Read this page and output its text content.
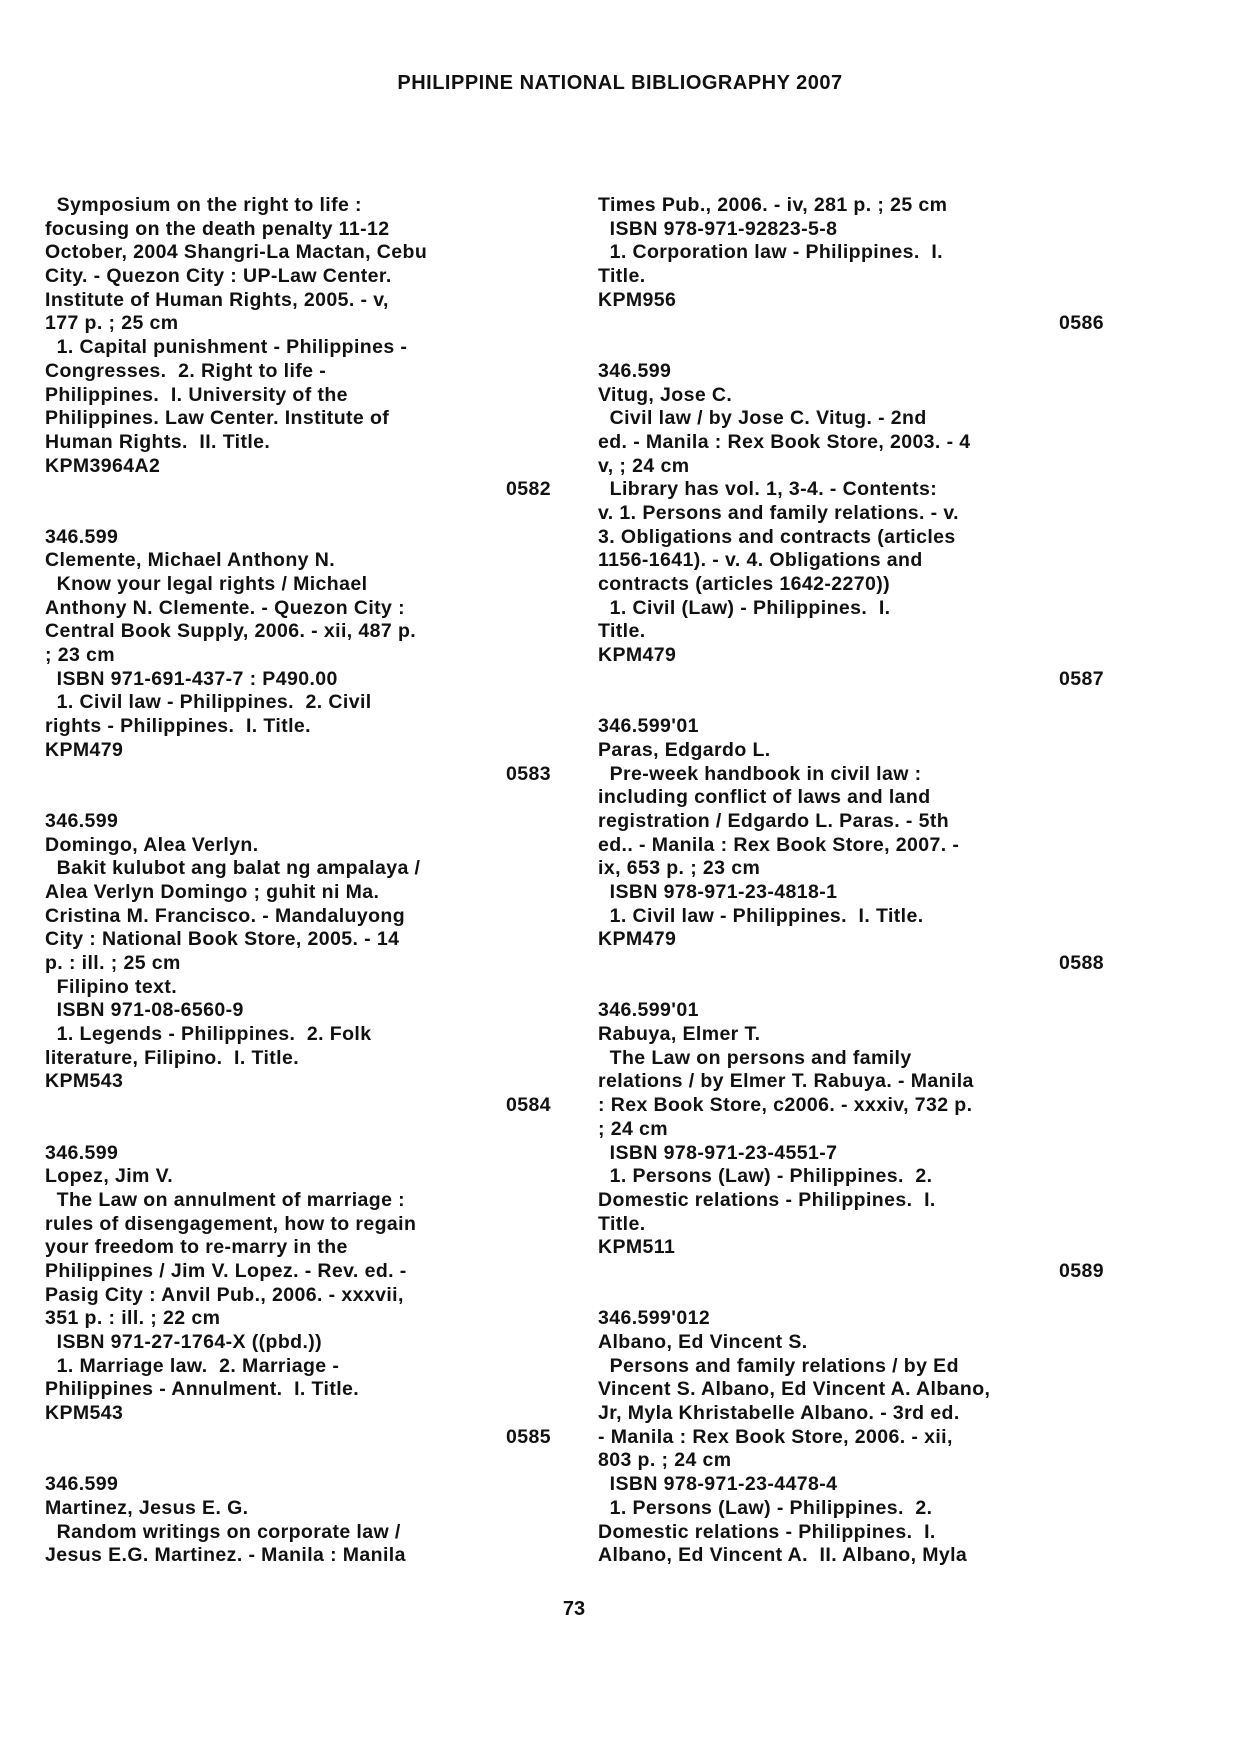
PHILIPPINE NATIONAL BIBLIOGRAPHY 2007
Symposium on the right to life :
focusing on the death penalty 11-12
October, 2004 Shangri-La Mactan, Cebu
City. - Quezon City : UP-Law Center.
Institute of Human Rights, 2005. - v,
177 p. ; 25 cm
1. Capital punishment - Philippines -
Congresses.  2. Right to life -
Philippines.  I. University of the
Philippines. Law Center. Institute of
Human Rights.  II. Title.
KPM3964A2
0582
346.599
Clemente, Michael Anthony N.
Know your legal rights / Michael
Anthony N. Clemente. - Quezon City :
Central Book Supply, 2006. - xii, 487 p.
; 23 cm
ISBN 971-691-437-7 : P490.00
1. Civil law - Philippines.  2. Civil
rights - Philippines.  I. Title.
KPM479
0583
346.599
Domingo, Alea Verlyn.
Bakit kulubot ang balat ng ampalaya /
Alea Verlyn Domingo ; guhit ni Ma.
Cristina M. Francisco. - Mandaluyong
City : National Book Store, 2005. - 14
p. : ill. ; 25 cm
Filipino text.
ISBN 971-08-6560-9
1. Legends - Philippines.  2. Folk
literature, Filipino.  I. Title.
KPM543
0584
346.599
Lopez, Jim V.
The Law on annulment of marriage :
rules of disengagement, how to regain
your freedom to re-marry in the
Philippines / Jim V. Lopez. - Rev. ed. -
Pasig City : Anvil Pub., 2006. - xxxvii,
351 p. : ill. ; 22 cm
ISBN 971-27-1764-X ((pbd.))
1. Marriage law.  2. Marriage -
Philippines - Annulment.  I. Title.
KPM543
0585
346.599
Martinez, Jesus E. G.
Random writings on corporate law /
Jesus E.G. Martinez. - Manila : Manila
Times Pub., 2006. - iv, 281 p. ; 25 cm
ISBN 978-971-92823-5-8
1. Corporation law - Philippines.  I.
Title.
KPM956
0586
346.599
Vitug, Jose C.
Civil law / by Jose C. Vitug. - 2nd
ed. - Manila : Rex Book Store, 2003. - 4
v, ; 24 cm
Library has vol. 1, 3-4. - Contents:
v. 1. Persons and family relations. - v.
3. Obligations and contracts (articles
1156-1641). - v. 4. Obligations and
contracts (articles 1642-2270))
1. Civil (Law) - Philippines.  I.
Title.
KPM479
0587
346.599'01
Paras, Edgardo L.
Pre-week handbook in civil law :
including conflict of laws and land
registration / Edgardo L. Paras. - 5th
ed.. - Manila : Rex Book Store, 2007. -
ix, 653 p. ; 23 cm
ISBN 978-971-23-4818-1
1. Civil law - Philippines.  I. Title.
KPM479
0588
346.599'01
Rabuya, Elmer T.
The Law on persons and family
relations / by Elmer T. Rabuya. - Manila
: Rex Book Store, c2006. - xxxiv, 732 p.
; 24 cm
ISBN 978-971-23-4551-7
1. Persons (Law) - Philippines.  2.
Domestic relations - Philippines.  I.
Title.
KPM511
0589
346.599'012
Albano, Ed Vincent S.
Persons and family relations / by Ed
Vincent S. Albano, Ed Vincent A. Albano,
Jr, Myla Khristabelle Albano. - 3rd ed.
- Manila : Rex Book Store, 2006. - xii,
803 p. ; 24 cm
ISBN 978-971-23-4478-4
1. Persons (Law) - Philippines.  2.
Domestic relations - Philippines.  I.
Albano, Ed Vincent A.  II. Albano, Myla
73
